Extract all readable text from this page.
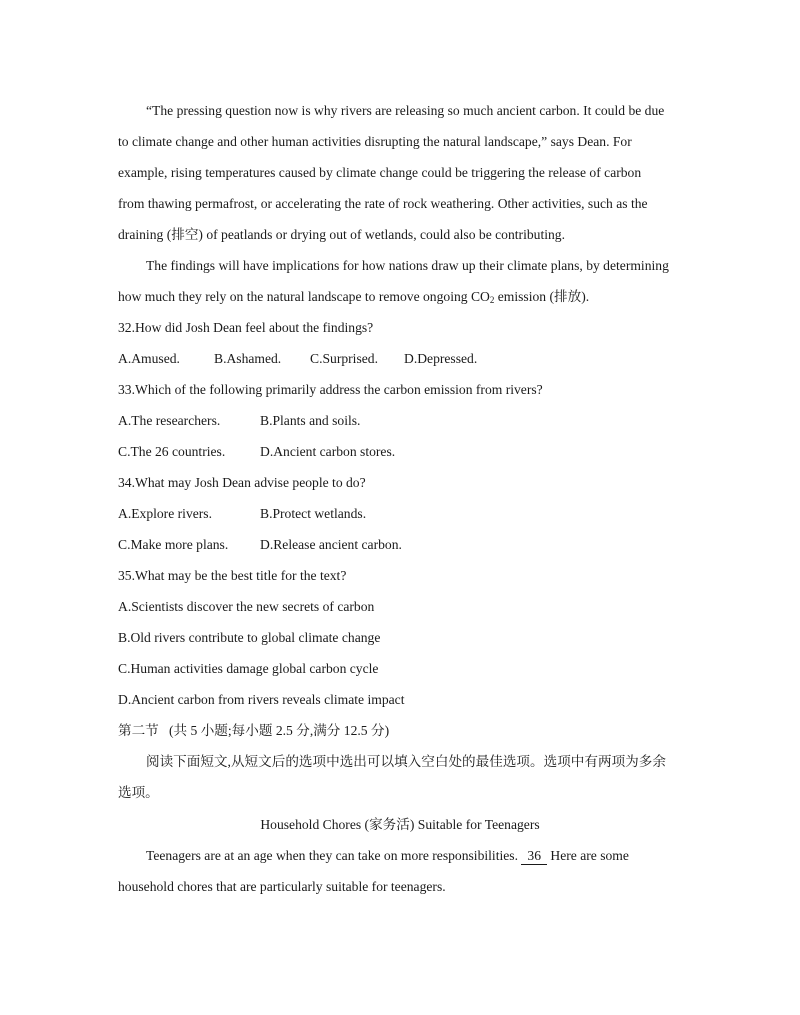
“The pressing question now is why rivers are releasing so much ancient carbon. It could be due
to climate change and other human activities disrupting the natural landscape,” says Dean. For
example, rising temperatures caused by climate change could be triggering the release of carbon
from thawing permafrost, or accelerating the rate of rock weathering. Other activities, such as the
draining (排空) of peatlands or drying out of wetlands, could also be contributing.
The findings will have implications for how nations draw up their climate plans, by determining
how much they rely on the natural landscape to remove ongoing $CO_2$ emission (排放).
32.How did Josh Dean feel about the findings?
A.Amused.	B.Ashamed. C.Surprised. D.Depressed.
33.Which of the following primarily address the carbon emission from rivers?
A.The researchers.	B.Plants and soils.
C.The 26 countries.	D.Ancient carbon stores.
34.What may Josh Dean advise people to do?
A.Explore rivers.	B.Protect wetlands.
C.Make more plans. D.Release ancient carbon.
35.What may be the best title for the text?
A.Scientists discover the new secrets of carbon
B.Old rivers contribute to global climate change
C.Human activities damage global carbon cycle
D.Ancient carbon from rivers reveals climate impact
第二节   (共 5 小题;每小题 2.5 分,满分 12.5 分)
阅读下面短文,从短文后的选项中选出可以填入空白处的最佳选项。选项中有两项为多余
选项。
Household Chores (家务活) Suitable for Teenagers
Teenagers are at an age when they can take on more responsibilities. 36 Here are some
household chores that are particularly suitable for teenagers.
